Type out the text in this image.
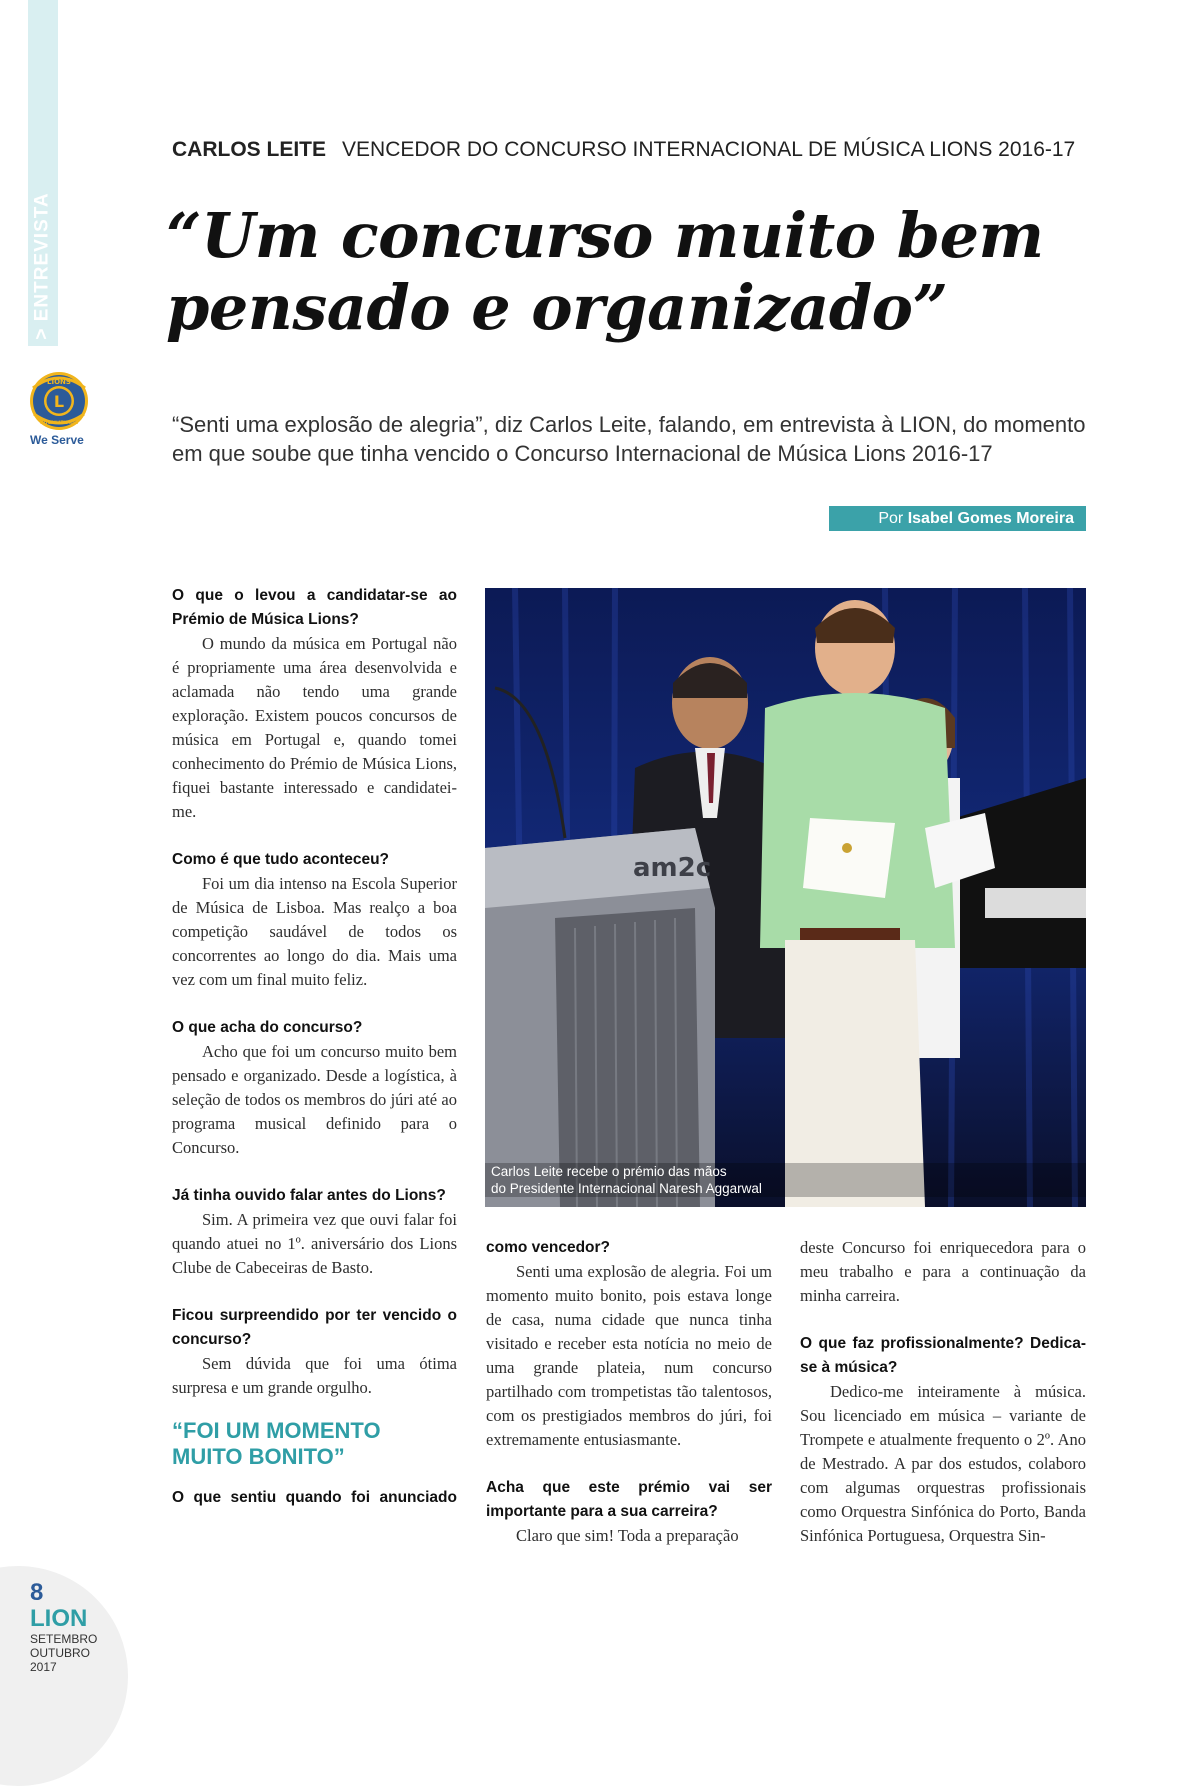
> ENTREVISTA
LIONS
L
INTERNATIONAL
We Serve
CARLOS LEITE VENCEDOR DO CONCURSO INTERNACIONAL DE MÚSICA LIONS 2016-17
“Um concurso muito bem pensado e organizado”

“Senti uma explosão de alegria”, diz Carlos Leite, falando, em entrevista à LION, do momento em que soube que tinha vencido o Concurso Internacional de Música Lions 2016-17

Por Isabel Gomes Moreira
am2c
Carlos Leite recebe o prémio das mãos
do Presidente Internacional Naresh Aggarwal

O que o levou a candidatar-se ao Prémio de Música Lions?

O mundo da música em Portugal não é propriamente uma área desenvolvida e aclamada não tendo uma grande exploração. Existem poucos concursos de música em Portugal e, quando tomei conhecimento do Prémio de Música Lions, fiquei bastante interessado e candidatei-me.

Como é que tudo aconteceu?

Foi um dia intenso na Escola Superior de Música de Lisboa. Mas realço a boa competição saudável de todos os concorrentes ao longo do dia. Mais uma vez com um final muito feliz.

O que acha do concurso?

Acho que foi um concurso muito bem pensado e organizado. Desde a logística, à seleção de todos os membros do júri até ao programa musical definido para o Concurso.

Já tinha ouvido falar antes do Lions?

Sim. A primeira vez que ouvi falar foi quando atuei no 1º. aniversário dos Lions Clube de Cabeceiras de Basto.

Ficou surpreendido por ter vencido o concurso?

Sem dúvida que foi uma ótima surpresa e um grande orgulho.

“FOI UM MOMENTO MUITO BONITO”

O que sentiu quando foi anunciado

como vencedor?

Senti uma explosão de alegria. Foi um momento muito bonito, pois estava longe de casa, numa cidade que nunca tinha visitado e receber esta notícia no meio de uma grande plateia, num concurso partilhado com trompetistas tão talentosos, com os prestigiados membros do júri, foi extremamente entusiasmante.

Acha que este prémio vai ser importante para a sua carreira?

Claro que sim! Toda a preparação

deste Concurso foi enriquecedora para o meu trabalho e para a continuação da minha carreira.

O que faz profissionalmente? Dedica-se à música?

Dedico-me inteiramente à música. Sou licenciado em música – variante de Trompete e atualmente frequento o 2º. Ano de Mestrado. A par dos estudos, colaboro com algumas orquestras profissionais como Orquestra Sinfónica do Porto, Banda Sinfónica Portuguesa, Orquestra Sin-

8
LION
SETEMBRO
OUTUBRO
2017
